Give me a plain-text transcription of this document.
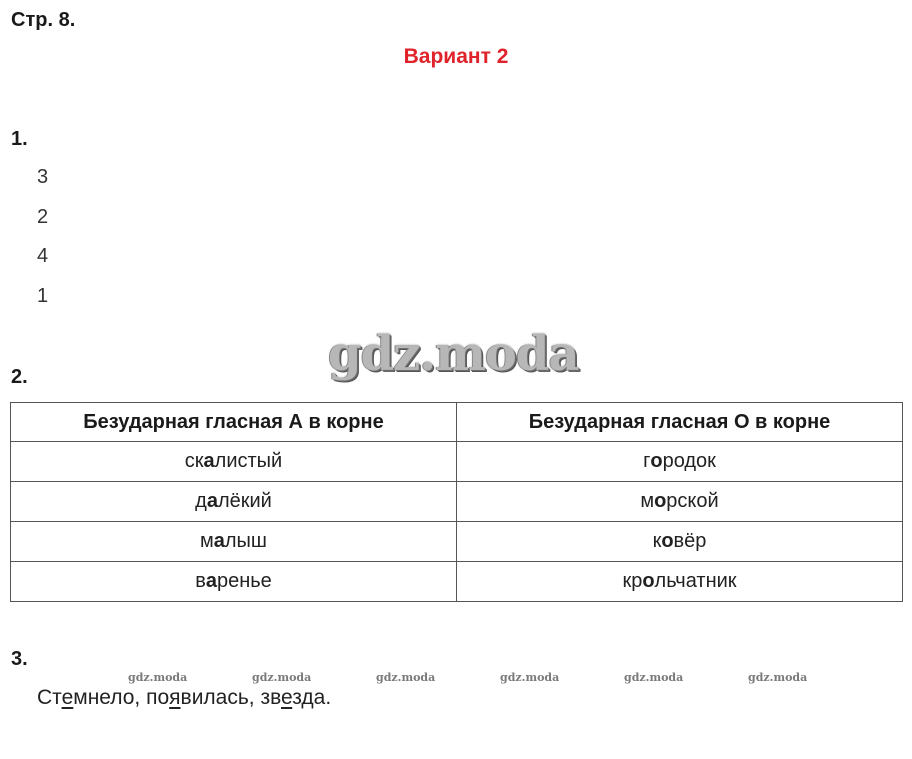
Стр. 8.
Вариант 2
1.
3
2
4
1
gdz.moda
2.
Безударная гласная А в корне	Безударная гласная О в корне
скалистый	городок
далёкий	морской
малыш	ковёр
варенье	крольчатник
3.
gdz.moda	gdz.moda	gdz.moda	gdz.moda	gdz.moda	gdz.moda
Стемнело, появилась, звезда.
